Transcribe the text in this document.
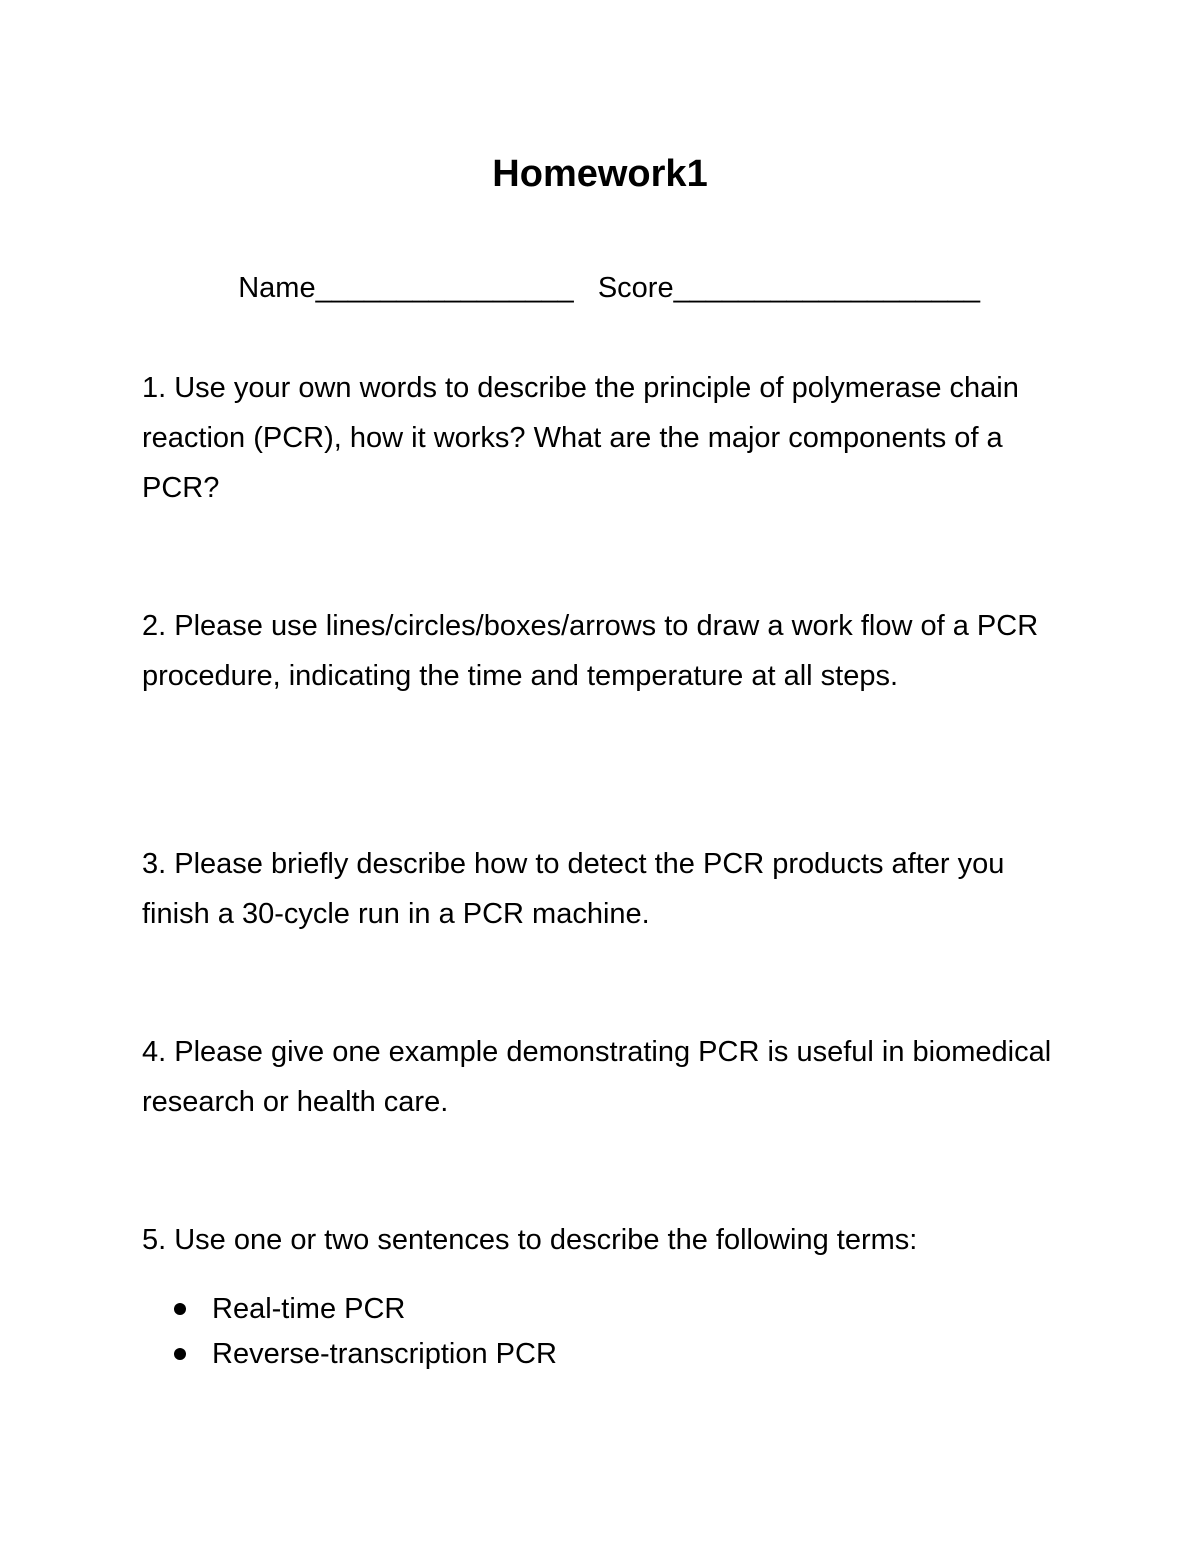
Homework1

Name________________ Score___________________

1. Use your own words to describe the principle of polymerase chain reaction (PCR), how it works? What are the major components of a PCR?

2. Please use lines/circles/boxes/arrows to draw a work flow of a PCR procedure, indicating the time and temperature at all steps.

3. Please briefly describe how to detect the PCR products after you finish a 30-cycle run in a PCR machine.

4. Please give one example demonstrating PCR is useful in biomedical research or health care.

5. Use one or two sentences to describe the following terms:

Real-time PCR
Reverse-transcription PCR
